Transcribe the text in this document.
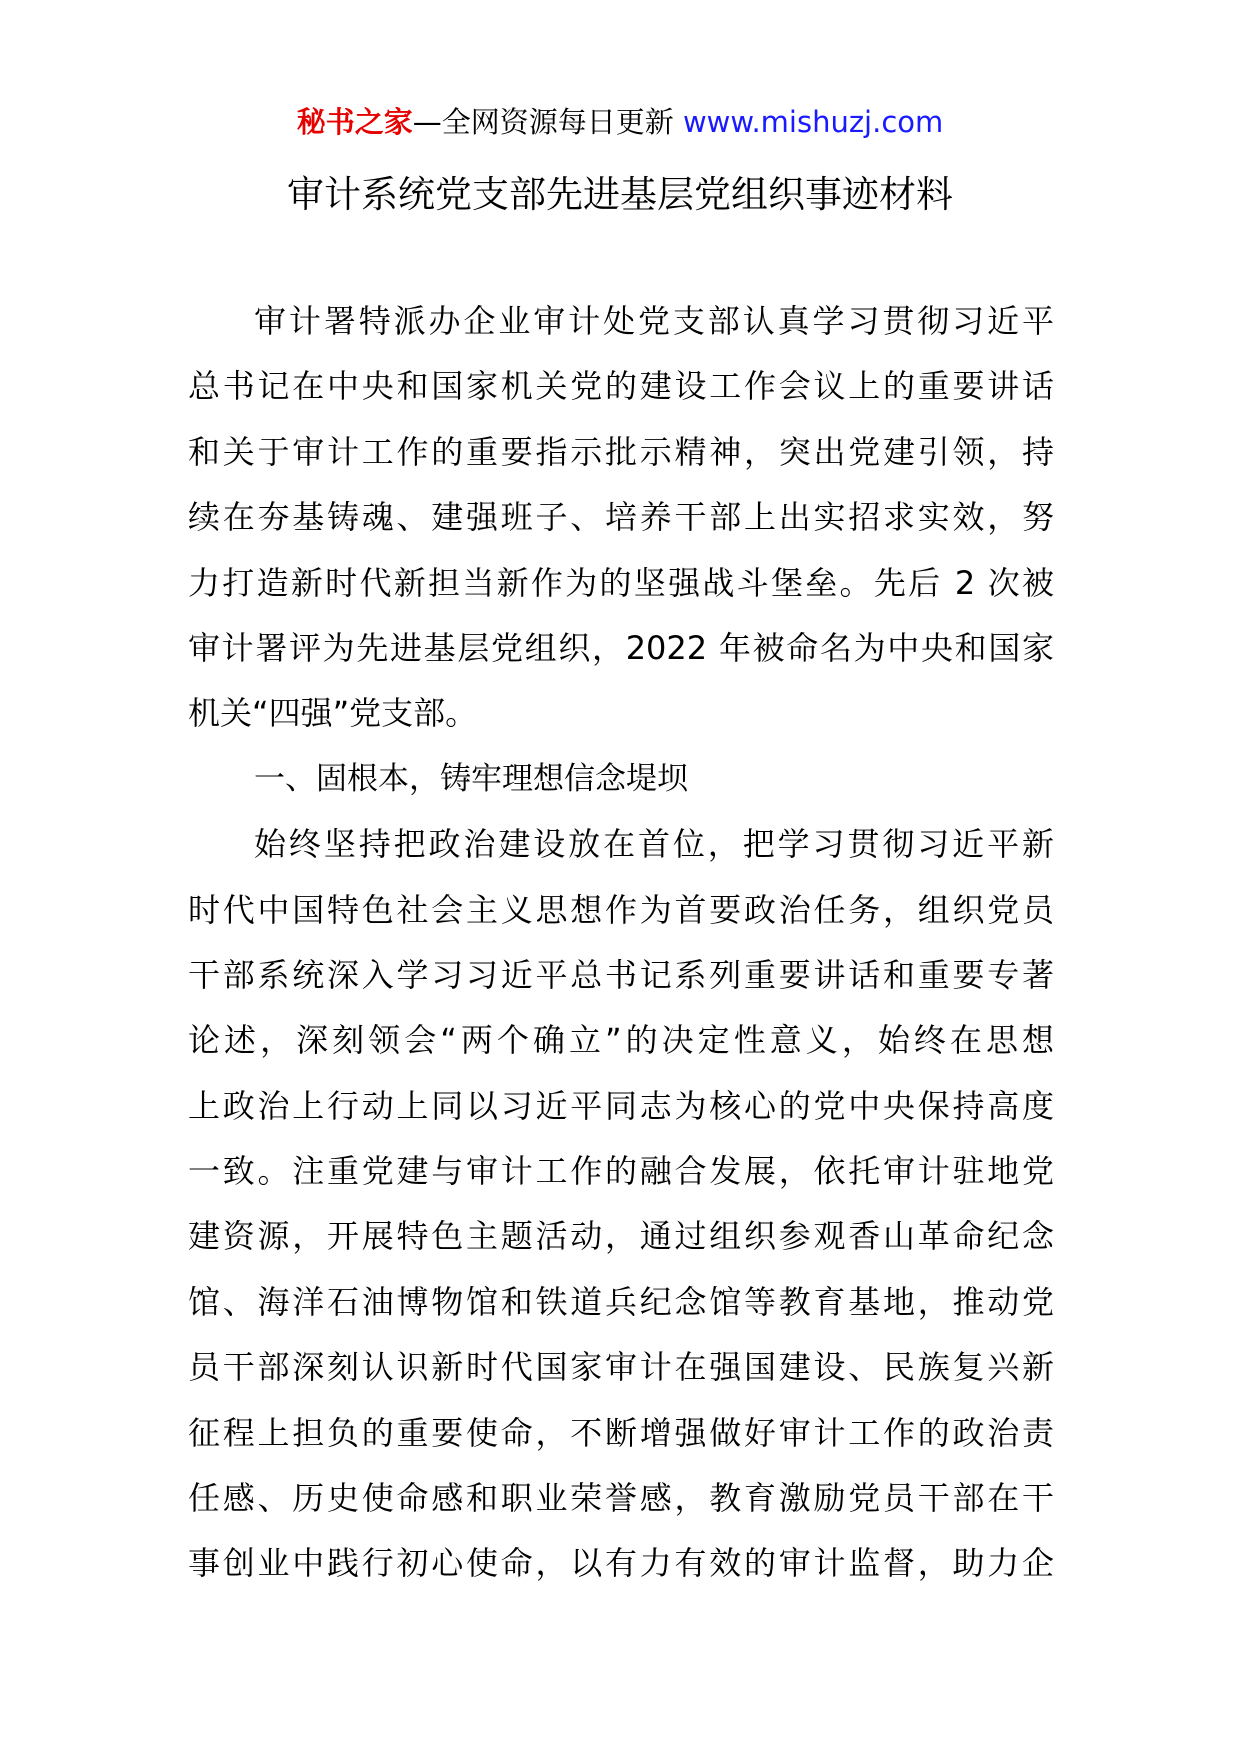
秘书之家—全网资源每日更新 www.mishuzj.com
审计系统党支部先进基层党组织事迹材料
审计署特派办企业审计处党支部认真学习贯彻习近平
总书记在中央和国家机关党的建设工作会议上的重要讲话
和关于审计工作的重要指示批示精神，突出党建引领，持
续在夯基铸魂、建强班子、培养干部上出实招求实效，努
力打造新时代新担当新作为的坚强战斗堡垒。先后 2 次被
审计署评为先进基层党组织，2022 年被命名为中央和国家
机关“四强”党支部。
一、固根本，铸牢理想信念堤坝
始终坚持把政治建设放在首位，把学习贯彻习近平新
时代中国特色社会主义思想作为首要政治任务，组织党员
干部系统深入学习习近平总书记系列重要讲话和重要专著
论述，深刻领会“两个确立”的决定性意义，始终在思想
上政治上行动上同以习近平同志为核心的党中央保持高度
一致。注重党建与审计工作的融合发展，依托审计驻地党
建资源，开展特色主题活动，通过组织参观香山革命纪念
馆、海洋石油博物馆和铁道兵纪念馆等教育基地，推动党
员干部深刻认识新时代国家审计在强国建设、民族复兴新
征程上担负的重要使命，不断增强做好审计工作的政治责
任感、历史使命感和职业荣誉感，教育激励党员干部在干
事创业中践行初心使命，以有力有效的审计监督，助力企
